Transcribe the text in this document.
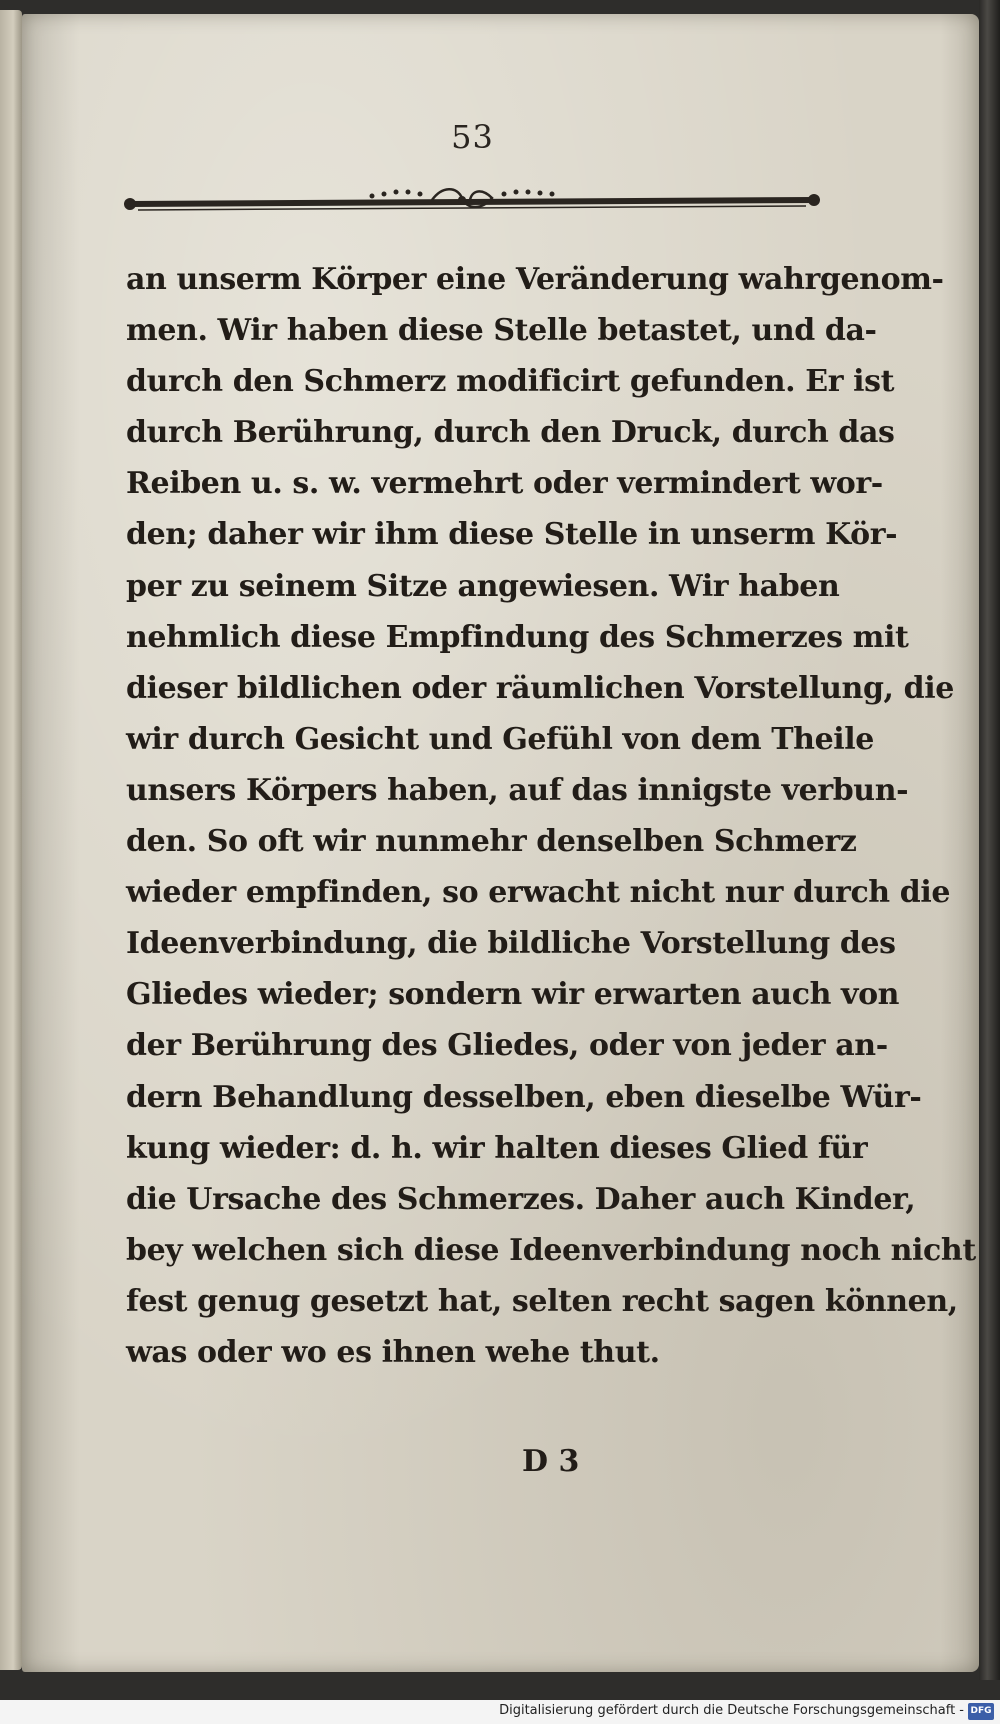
53
an unserm Körper eine Veränderung wahrgenom-
men. Wir haben diese Stelle betastet, und da-
durch den Schmerz modificirt gefunden. Er ist
durch Berührung, durch den Druck, durch das
Reiben u. s. w. vermehrt oder vermindert wor-
den; daher wir ihm diese Stelle in unserm Kör-
per zu seinem Sitze angewiesen. Wir haben
nehmlich diese Empfindung des Schmerzes mit
dieser bildlichen oder räumlichen Vorstellung, die
wir durch Gesicht und Gefühl von dem Theile
unsers Körpers haben, auf das innigste verbun-
den. So oft wir nunmehr denselben Schmerz
wieder empfinden, so erwacht nicht nur durch die
Ideenverbindung, die bildliche Vorstellung des
Gliedes wieder; sondern wir erwarten auch von
der Berührung des Gliedes, oder von jeder an-
dern Behandlung desselben, eben dieselbe Wür-
kung wieder: d. h. wir halten dieses Glied für
die Ursache des Schmerzes. Daher auch Kinder,
bey welchen sich diese Ideenverbindung noch nicht
fest genug gesetzt hat, selten recht sagen können,
was oder wo es ihnen wehe thut.
D 3
Digitalisierung gefördert durch die Deutsche Forschungsgemeinschaft - DFG
